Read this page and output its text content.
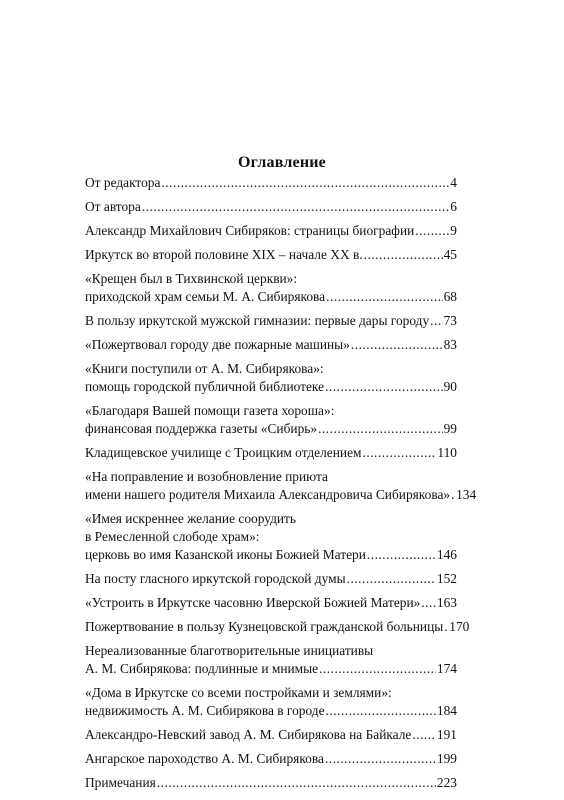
Оглавление
От редактора .....	4
От автора .....	6
Александр Михайлович Сибиряков: страницы биографии .....	9
Иркутск во второй половине XIX – начале XX в. .....	45
«Крещен был в Тихвинской церкви»:
приходской храм семьи М. А. Сибирякова .....	68
В пользу иркутской мужской гимназии: первые дары городу ..... 73
«Пожертвовал городу две пожарные машины» .....	83
«Книги поступили от А. М. Сибирякова»:
помощь городской публичной библиотеке .....	90
«Благодаря Вашей помощи газета хороша»:
финансовая поддержка газеты «Сибирь» .....	99
Кладищевское училище с Троицким отделением .....	110
«На поправление и возобновление приюта
имени нашего родителя Михаила Александровича Сибирякова» ..... 134
«Имея искреннее желание соорудить
в Ремесленной слободе храм»:
церковь во имя Казанской иконы Божией Матери .....	146
На посту гласного иркутской городской думы .....	152
«Устроить в Иркутске часовню Иверской Божией Матери» ..... 163
Пожертвование в пользу Кузнецовской гражданской больницы ..... 170
Нереализованные благотворительные инициативы
А. М. Сибирякова: подлинные и мнимые .....	174
«Дома в Иркутске со всеми постройками и землями»:
недвижимость А. М. Сибирякова в городе .....	184
Александро-Невский завод А. М. Сибирякова на Байкале ..... 191
Ангарское пароходство А. М. Сибирякова .....	199
Примечания .....	223
